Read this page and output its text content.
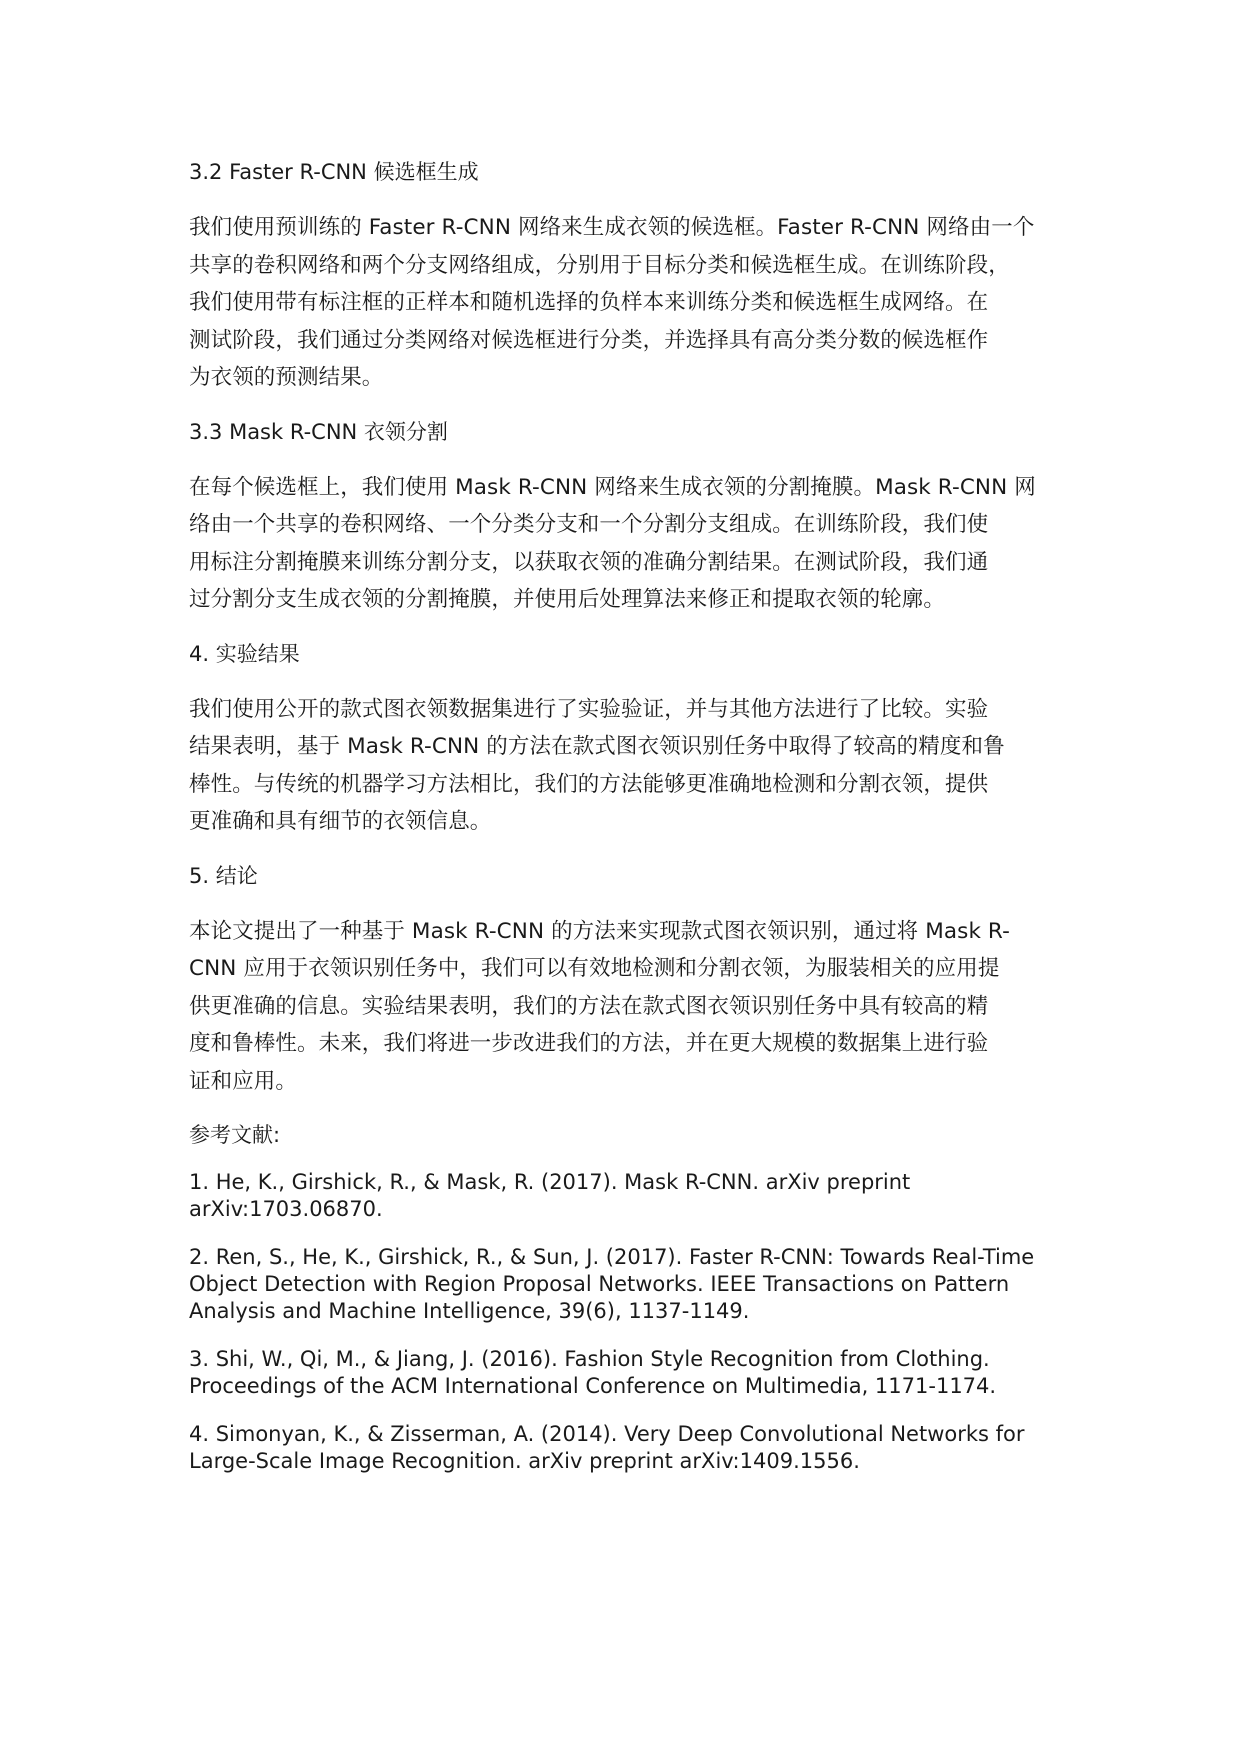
3.2 Faster R-CNN 候选框生成
我们使用预训练的 Faster R-CNN 网络来生成衣领的候选框。Faster R-CNN 网络由一个
共享的卷积网络和两个分支网络组成，分别用于目标分类和候选框生成。在训练阶段，
我们使用带有标注框的正样本和随机选择的负样本来训练分类和候选框生成网络。在
测试阶段，我们通过分类网络对候选框进行分类，并选择具有高分类分数的候选框作
为衣领的预测结果。
3.3 Mask R-CNN 衣领分割
在每个候选框上，我们使用 Mask R-CNN 网络来生成衣领的分割掩膜。Mask R-CNN 网
络由一个共享的卷积网络、一个分类分支和一个分割分支组成。在训练阶段，我们使
用标注分割掩膜来训练分割分支，以获取衣领的准确分割结果。在测试阶段，我们通
过分割分支生成衣领的分割掩膜，并使用后处理算法来修正和提取衣领的轮廓。
4. 实验结果
我们使用公开的款式图衣领数据集进行了实验验证，并与其他方法进行了比较。实验
结果表明，基于 Mask R-CNN 的方法在款式图衣领识别任务中取得了较高的精度和鲁
棒性。与传统的机器学习方法相比，我们的方法能够更准确地检测和分割衣领，提供
更准确和具有细节的衣领信息。
5. 结论
本论文提出了一种基于 Mask R-CNN 的方法来实现款式图衣领识别，通过将 Mask R-
CNN 应用于衣领识别任务中，我们可以有效地检测和分割衣领，为服装相关的应用提
供更准确的信息。实验结果表明，我们的方法在款式图衣领识别任务中具有较高的精
度和鲁棒性。未来，我们将进一步改进我们的方法，并在更大规模的数据集上进行验
证和应用。
参考文献:
1. He, K., Girshick, R., & Mask, R. (2017). Mask R-CNN. arXiv preprint
arXiv:1703.06870.
2. Ren, S., He, K., Girshick, R., & Sun, J. (2017). Faster R-CNN: Towards Real-Time
Object Detection with Region Proposal Networks. IEEE Transactions on Pattern
Analysis and Machine Intelligence, 39(6), 1137-1149.
3. Shi, W., Qi, M., & Jiang, J. (2016). Fashion Style Recognition from Clothing.
Proceedings of the ACM International Conference on Multimedia, 1171-1174.
4. Simonyan, K., & Zisserman, A. (2014). Very Deep Convolutional Networks for
Large-Scale Image Recognition. arXiv preprint arXiv:1409.1556.
